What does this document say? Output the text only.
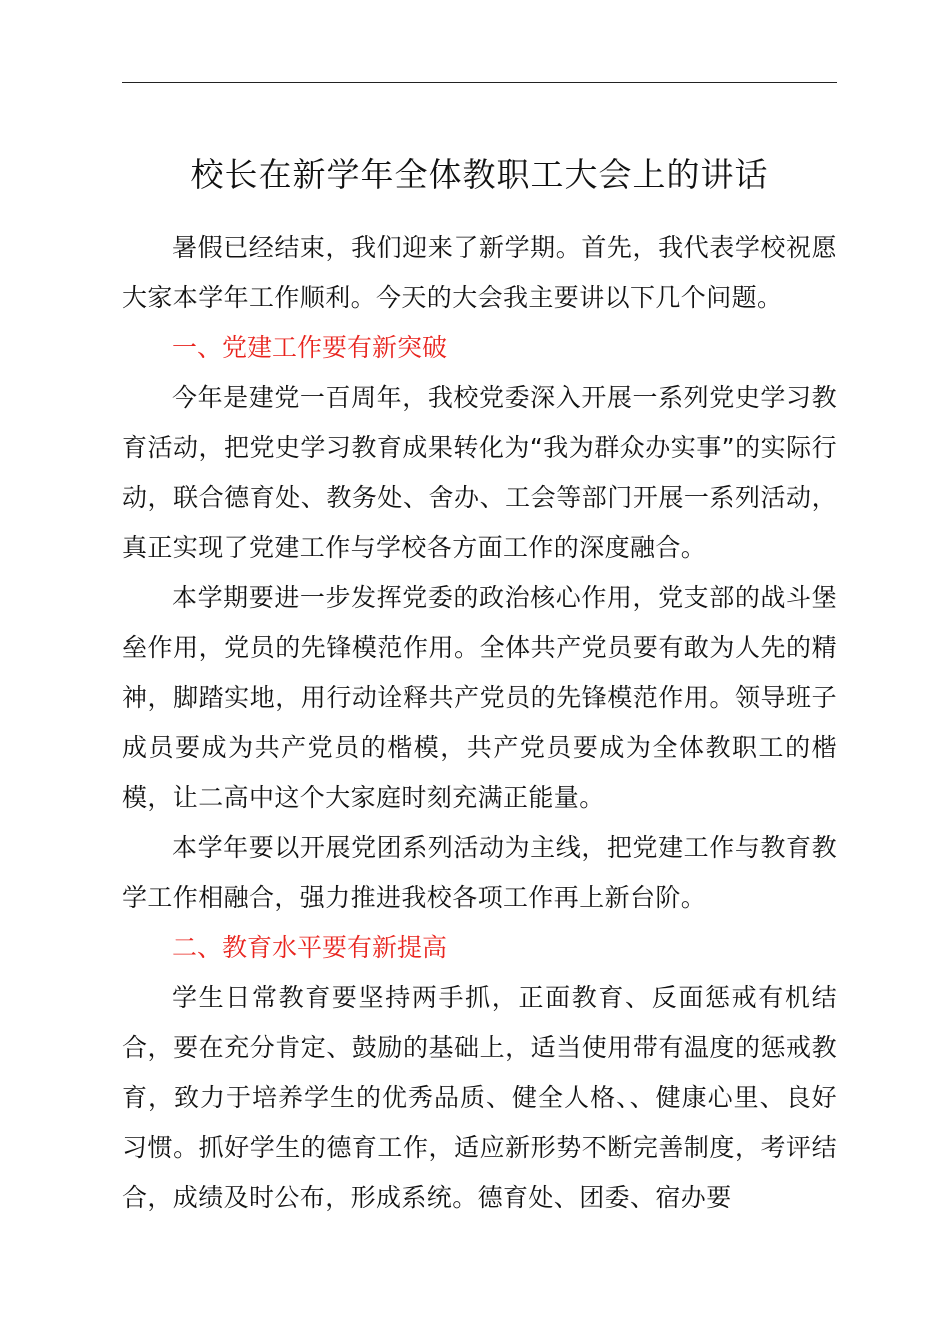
校长在新学年全体教职工大会上的讲话

暑假已经结束，我们迎来了新学期。首先，我代表学校祝愿大家本学年工作顺利。今天的大会我主要讲以下几个问题。

一、党建工作要有新突破

今年是建党一百周年，我校党委深入开展一系列党史学习教育活动，把党史学习教育成果转化为“我为群众办实事”的实际行动，联合德育处、教务处、舍办、工会等部门开展一系列活动，真正实现了党建工作与学校各方面工作的深度融合。

本学期要进一步发挥党委的政治核心作用，党支部的战斗堡垒作用，党员的先锋模范作用。全体共产党员要有敢为人先的精神，脚踏实地，用行动诠释共产党员的先锋模范作用。领导班子成员要成为共产党员的楷模，共产党员要成为全体教职工的楷模，让二高中这个大家庭时刻充满正能量。

本学年要以开展党团系列活动为主线，把党建工作与教育教学工作相融合，强力推进我校各项工作再上新台阶。

二、教育水平要有新提高

学生日常教育要坚持两手抓，正面教育、反面惩戒有机结合，要在充分肯定、鼓励的基础上，适当使用带有温度的惩戒教育，致力于培养学生的优秀品质、健全人格、、健康心里、良好习惯。抓好学生的德育工作，适应新形势不断完善制度，考评结合，成绩及时公布，形成系统。德育处、团委、宿办要
